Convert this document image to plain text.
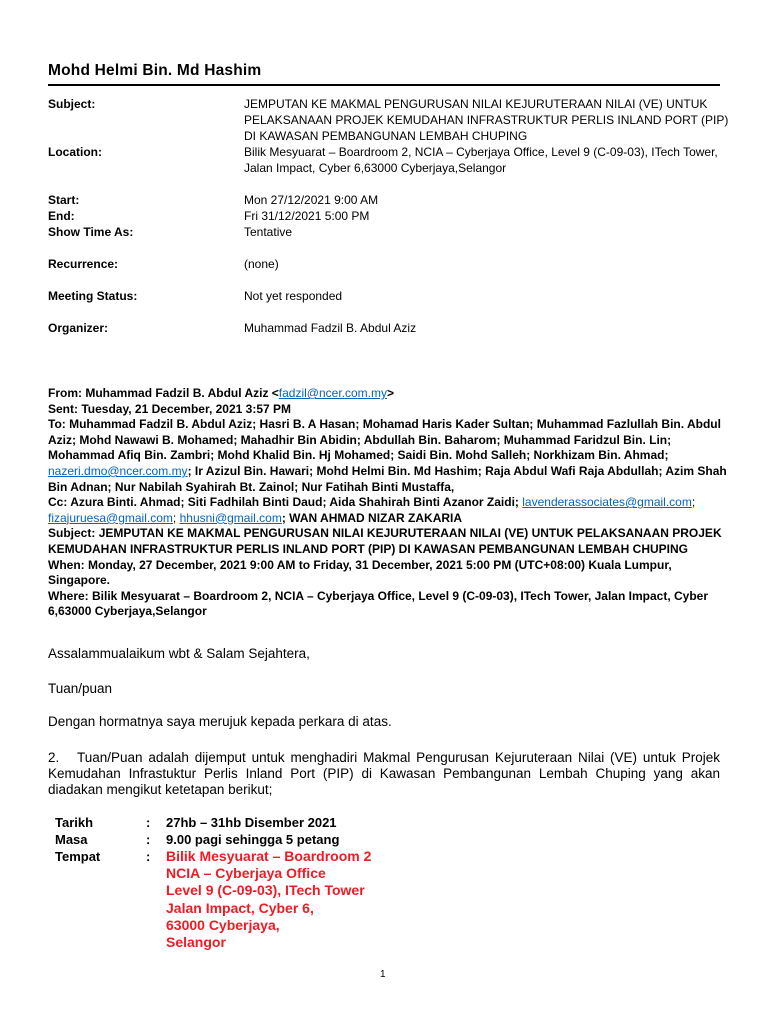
Mohd Helmi Bin. Md Hashim
Subject:	JEMPUTAN KE MAKMAL PENGURUSAN NILAI KEJURUTERAAN NILAI (VE) UNTUK PELAKSANAAN PROJEK KEMUDAHAN INFRASTRUKTUR PERLIS INLAND PORT (PIP) DI KAWASAN PEMBANGUNAN LEMBAH CHUPING
Location:	Bilik Mesyuarat – Boardroom 2, NCIA – Cyberjaya Office, Level 9 (C-09-03), ITech Tower, Jalan Impact, Cyber 6,63000 Cyberjaya,Selangor
Start:	Mon 27/12/2021 9:00 AM
End:	Fri 31/12/2021 5:00 PM
Show Time As:	Tentative
Recurrence:	(none)
Meeting Status:	Not yet responded
Organizer:	Muhammad Fadzil B. Abdul Aziz
From: Muhammad Fadzil B. Abdul Aziz <fadzil@ncer.com.my>
Sent: Tuesday, 21 December, 2021 3:57 PM
To: Muhammad Fadzil B. Abdul Aziz; Hasri B. A Hasan; Mohamad Haris Kader Sultan; Muhammad Fazlullah Bin. Abdul Aziz; Mohd Nawawi B. Mohamed; Mahadhir Bin Abidin; Abdullah Bin. Baharom; Muhammad Faridzul Bin. Lin; Mohammad Afiq Bin. Zambri; Mohd Khalid Bin. Hj Mohamed; Saidi Bin. Mohd Salleh; Norkhizam Bin. Ahmad; nazeri.dmo@ncer.com.my; Ir Azizul Bin. Hawari; Mohd Helmi Bin. Md Hashim; Raja Abdul Wafi Raja Abdullah; Azim Shah Bin Adnan; Nur Nabilah Syahirah Bt. Zainol; Nur Fatihah Binti Mustaffa,
Cc: Azura Binti. Ahmad; Siti Fadhilah Binti Daud; Aida Shahirah Binti Azanor Zaidi; lavenderassociates@gmail.com; fizajuruesa@gmail.com; hhusni@gmail.com; WAN AHMAD NIZAR ZAKARIA
Subject: JEMPUTAN KE MAKMAL PENGURUSAN NILAI KEJURUTERAAN NILAI (VE) UNTUK PELAKSANAAN PROJEK KEMUDAHAN INFRASTRUKTUR PERLIS INLAND PORT (PIP) DI KAWASAN PEMBANGUNAN LEMBAH CHUPING
When: Monday, 27 December, 2021 9:00 AM to Friday, 31 December, 2021 5:00 PM (UTC+08:00) Kuala Lumpur, Singapore.
Where: Bilik Mesyuarat – Boardroom 2, NCIA – Cyberjaya Office, Level 9 (C-09-03), ITech Tower, Jalan Impact, Cyber 6,63000 Cyberjaya,Selangor
Assalammualaikum wbt & Salam Sejahtera,
Tuan/puan
Dengan hormatnya saya merujuk kepada perkara di atas.
2. Tuan/Puan adalah dijemput untuk menghadiri Makmal Pengurusan Kejuruteraan Nilai (VE) untuk Projek Kemudahan Infrastuktur Perlis Inland Port (PIP) di Kawasan Pembangunan Lembah Chuping yang akan diadakan mengikut ketetapan berikut;
Tarikh	: 27hb – 31hb Disember 2021
Masa	: 9.00 pagi sehingga 5 petang
Tempat	: Bilik Mesyuarat – Boardroom 2
NCIA – Cyberjaya Office
Level 9 (C-09-03), ITech Tower
Jalan Impact, Cyber 6,
63000 Cyberjaya,
Selangor
1
